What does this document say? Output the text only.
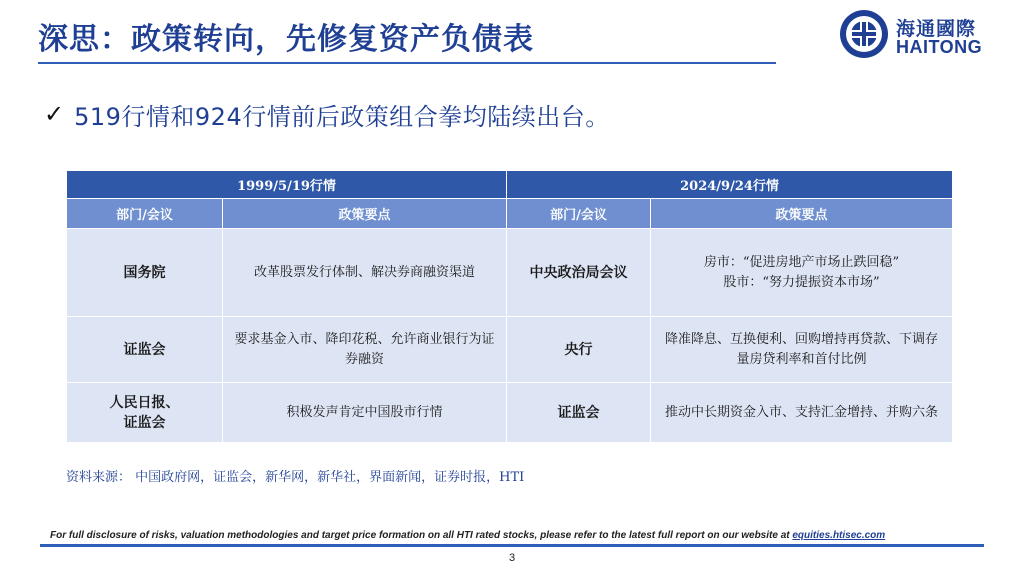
深思：政策转向，先修复资产负债表	海通國際
HAITONG
✓ 519行情和924行情前后政策组合拳均陆续出台。
1999/5/19行情		2024/9/24行情	
部门/会议	政策要点	部门/会议	政策要点
国务院	改革股票发行体制、解决券商融资渠道	中央政治局会议	房市：“促进房地产市场止跌回稳”
股市：“努力提振资本市场”

证监会	要求基金入市、降印花税、允许商业银行为证券融资	央行	降准降息、互换便利、回购增持再贷款、下调存量房贷利率和首付比例

人民日报、
证监会	积极发声肯定中国股市行情	证监会	推动中长期资金入市、支持汇金增持、并购六条
资料来源： 中国政府网，证监会，新华网，新华社，界面新闻，证券时报，HTI
For full disclosure of risks, valuation methodologies and target price formation on all HTI rated stocks, please refer to the latest full report on our website at equities.htisec.com
3
